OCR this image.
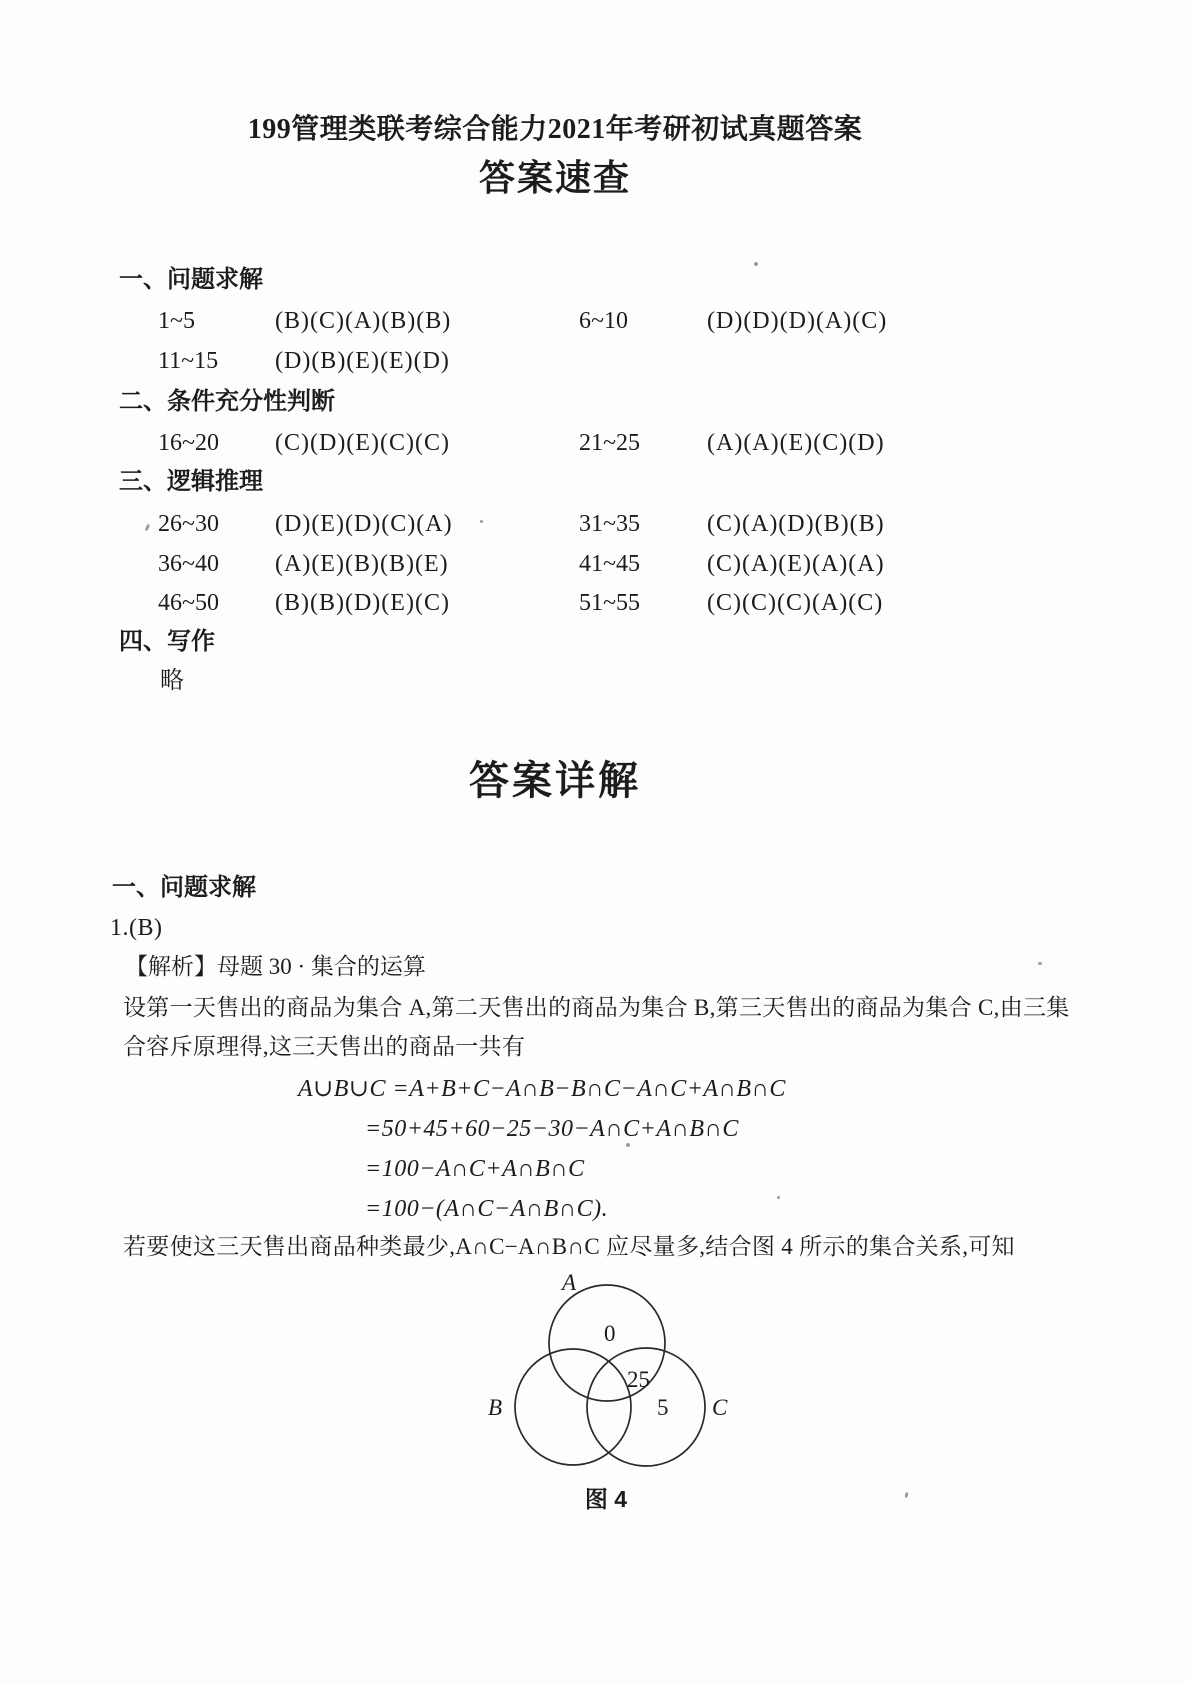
199管理类联考综合能力2021年考研初试真题答案
答案速查
一、问题求解
1~5	(B)(C)(A)(B)(B)	6~10	(D)(D)(D)(A)(C)
11~15 (D)(B)(E)(E)(D)
二、条件充分性判断
16~20 (C)(D)(E)(C)(C)	21~25	(A)(A)(E)(C)(D)
三、逻辑推理
26~30 (D)(E)(D)(C)(A)	31~35	(C)(A)(D)(B)(B)
36~40 (A)(E)(B)(B)(E)	41~45	(C)(A)(E)(A)(A)
46~50 (B)(B)(D)(E)(C)	51~55	(C)(C)(C)(A)(C)
四、写作
略
答案详解
一、问题求解
1.(B)
【解析】母题 30 · 集合的运算
设第一天售出的商品为集合 A,第二天售出的商品为集合 B,第三天售出的商品为集合 C,由三集
合容斥原理得,这三天售出的商品一共有
A∪B∪C =A+B+C−A∩B−B∩C−A∩C+A∩B∩C
=50+45+60−25−30−A∩C+A∩B∩C
=100−A∩C+A∩B∩C
=100−(A∩C−A∩B∩C).
若要使这三天售出商品种类最少,A∩C−A∩B∩C 应尽量多,结合图 4 所示的集合关系,可知
A
B	C
0
25
5
图 4
